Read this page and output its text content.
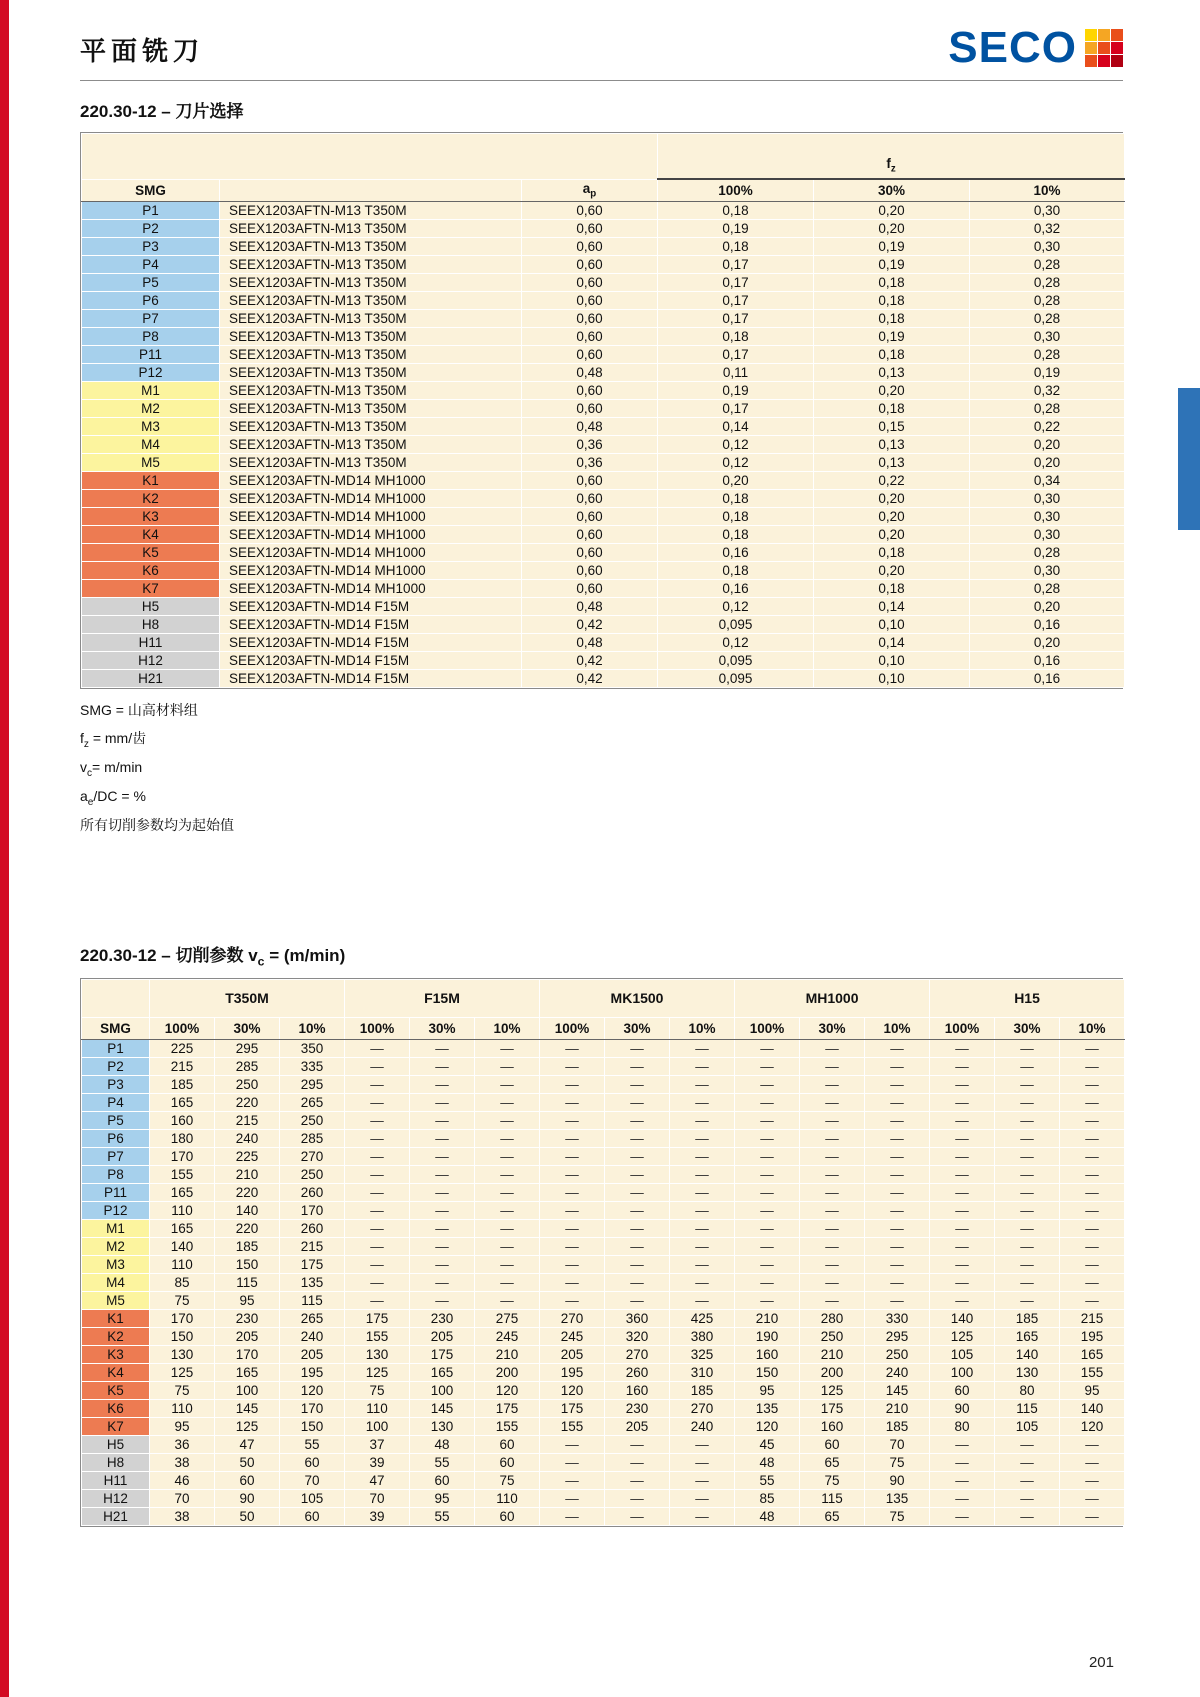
平面铣刀	SECO
220.30-12 – 刀片选择
			$f_z$
SMG		$a_p$	100%	30%	10%
P1	SEEX1203AFTN-M13 T350M	0,60	0,18	0,20	0,30
P2	SEEX1203AFTN-M13 T350M	0,60	0,19	0,20	0,32
P3	SEEX1203AFTN-M13 T350M	0,60	0,18	0,19	0,30
P4	SEEX1203AFTN-M13 T350M	0,60	0,17	0,19	0,28
P5	SEEX1203AFTN-M13 T350M	0,60	0,17	0,18	0,28
P6	SEEX1203AFTN-M13 T350M	0,60	0,17	0,18	0,28
P7	SEEX1203AFTN-M13 T350M	0,60	0,17	0,18	0,28
P8	SEEX1203AFTN-M13 T350M	0,60	0,18	0,19	0,30
P11	SEEX1203AFTN-M13 T350M	0,60	0,17	0,18	0,28
P12	SEEX1203AFTN-M13 T350M	0,48	0,11	0,13	0,19
M1	SEEX1203AFTN-M13 T350M	0,60	0,19	0,20	0,32
M2	SEEX1203AFTN-M13 T350M	0,60	0,17	0,18	0,28
M3	SEEX1203AFTN-M13 T350M	0,48	0,14	0,15	0,22
M4	SEEX1203AFTN-M13 T350M	0,36	0,12	0,13	0,20
M5	SEEX1203AFTN-M13 T350M	0,36	0,12	0,13	0,20
K1	SEEX1203AFTN-MD14 MH1000	0,60	0,20	0,22	0,34
K2	SEEX1203AFTN-MD14 MH1000	0,60	0,18	0,20	0,30
K3	SEEX1203AFTN-MD14 MH1000	0,60	0,18	0,20	0,30
K4	SEEX1203AFTN-MD14 MH1000	0,60	0,18	0,20	0,30
K5	SEEX1203AFTN-MD14 MH1000	0,60	0,16	0,18	0,28
K6	SEEX1203AFTN-MD14 MH1000	0,60	0,18	0,20	0,30
K7	SEEX1203AFTN-MD14 MH1000	0,60	0,16	0,18	0,28
H5	SEEX1203AFTN-MD14 F15M	0,48	0,12	0,14	0,20
H8	SEEX1203AFTN-MD14 F15M	0,42	0,095	0,10	0,16
H11	SEEX1203AFTN-MD14 F15M	0,48	0,12	0,14	0,20
H12	SEEX1203AFTN-MD14 F15M	0,42	0,095	0,10	0,16
H21	SEEX1203AFTN-MD14 F15M	0,42	0,095	0,10	0,16
SMG = 山高材料组
$f_z = mm/$齿
$v_c= m/\min$
$a_e/DC$ = %
所有切削参数均为起始值
220.30-12 – 切削参数 $v_c = (m/\min)$
	T350M			F15M			MK1500			MH1000			H15		
SMG	100%	30%	10%	100%	30%	10%	100%	30%	10%	100%	30%	10%	100%	30%	10%
P1	225	295	350	—	—	—	—	—	—	—	—	—	—	—	—
P2	215	285	335	—	—	—	—	—	—	—	—	—	—	—	—
P3	185	250	295	—	—	—	—	—	—	—	—	—	—	—	—
P4	165	220	265	—	—	—	—	—	—	—	—	—	—	—	—
P5	160	215	250	—	—	—	—	—	—	—	—	—	—	—	—
P6	180	240	285	—	—	—	—	—	—	—	—	—	—	—	—
P7	170	225	270	—	—	—	—	—	—	—	—	—	—	—	—
P8	155	210	250	—	—	—	—	—	—	—	—	—	—	—	—
P11	165	220	260	—	—	—	—	—	—	—	—	—	—	—	—
P12	110	140	170	—	—	—	—	—	—	—	—	—	—	—	—
M1	165	220	260	—	—	—	—	—	—	—	—	—	—	—	—
M2	140	185	215	—	—	—	—	—	—	—	—	—	—	—	—
M3	110	150	175	—	—	—	—	—	—	—	—	—	—	—	—
M4	85	115	135	—	—	—	—	—	—	—	—	—	—	—	—
M5	75	95	115	—	—	—	—	—	—	—	—	—	—	—	—
K1	170	230	265	175	230	275	270	360	425	210	280	330	140	185	215
K2	150	205	240	155	205	245	245	320	380	190	250	295	125	165	195
K3	130	170	205	130	175	210	205	270	325	160	210	250	105	140	165
K4	125	165	195	125	165	200	195	260	310	150	200	240	100	130	155
K5	75	100	120	75	100	120	120	160	185	95	125	145	60	80	95
K6	110	145	170	110	145	175	175	230	270	135	175	210	90	115	140
K7	95	125	150	100	130	155	155	205	240	120	160	185	80	105	120
H5	36	47	55	37	48	60	—	—	—	45	60	70	—	—	—
H8	38	50	60	39	55	60	—	—	—	48	65	75	—	—	—
H11	46	60	70	47	60	75	—	—	—	55	75	90	—	—	—
H12	70	90	105	70	95	110	—	—	—	85	115	135	—	—	—
H21	38	50	60	39	55	60	—	—	—	48	65	75	—	—	—
201
